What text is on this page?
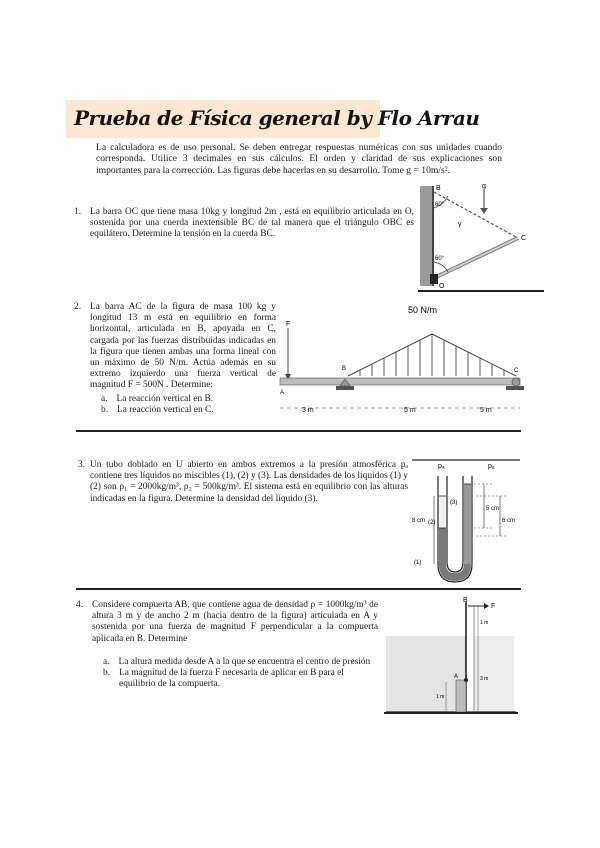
Prueba de Física general by Flo Arrau
La calculadora es de uso personal. Se deben entregar respuestas numéricas con sus unidades cuando corresponda. Utilice 3 decimales en sus cálculos. El orden y claridad de sus explicaciones son importantes para la corrección. Las figuras debe hacerlas en su desarrollo. Tome g = 10m/s².
1. La barra OC que tiene masa 10kg y longitud 2m , está en equilibrio articulada en O, sostenida por una cuerda inextensible BC de tal manera que el triángulo OBC es equilátero. Determine la tensión en la cuerda BC.
B	g
60°
60°
γ
C
O
2. La barra AC de la figura de masa 100 kg y longitud 13 m está en equilibrio en forma horizontal, articulada en B, apoyada en C, cargada por las fuerzas distribuidas indicadas en la figura que tienen ambas una forma lineal con un máximo de 50 N/m. Actúa además en su extremo izquierdo una fuerza vertical de magnitud F = 500N . Determine:
a. La reacción vertical en B.
b. La reacción vertical en C.
50 N/m
F
A
B	C
3 m	5 m	5 m
3. Un tubo doblado en U abierto en ambos extremos a la presión atmosférica pₐ contiene tres líquidos no miscibles (1), (2) y (3). Las densidades de los líquidos (1) y (2) son ρ₁ = 2000kg/m³, ρ₂ = 500kg/m³. El sistema está en equilibrio con las alturas indicadas en la figura. Determine la densidad del líquido (3).
pₐ	pₐ
(3)
(2)
(1)
5 cm
6 cm
8 cm
4. Considere compuerta AB, que contiene agua de densidad ρ = 1000kg/m³ de altura 3 m y de ancho 2 m (hacia dentro de la figura) articulada en A y sostenida por una fuerza de magnitud F perpendicular a la compuerta aplicada en B. Determine
a. La altura medida desde A a la que se encuentra el centro de presión
b. La magnitud de la fuerza F necesaria de aplicar en B para el equilibrio de la compuerta.
B
F
A
1 m
3 m
1 m
